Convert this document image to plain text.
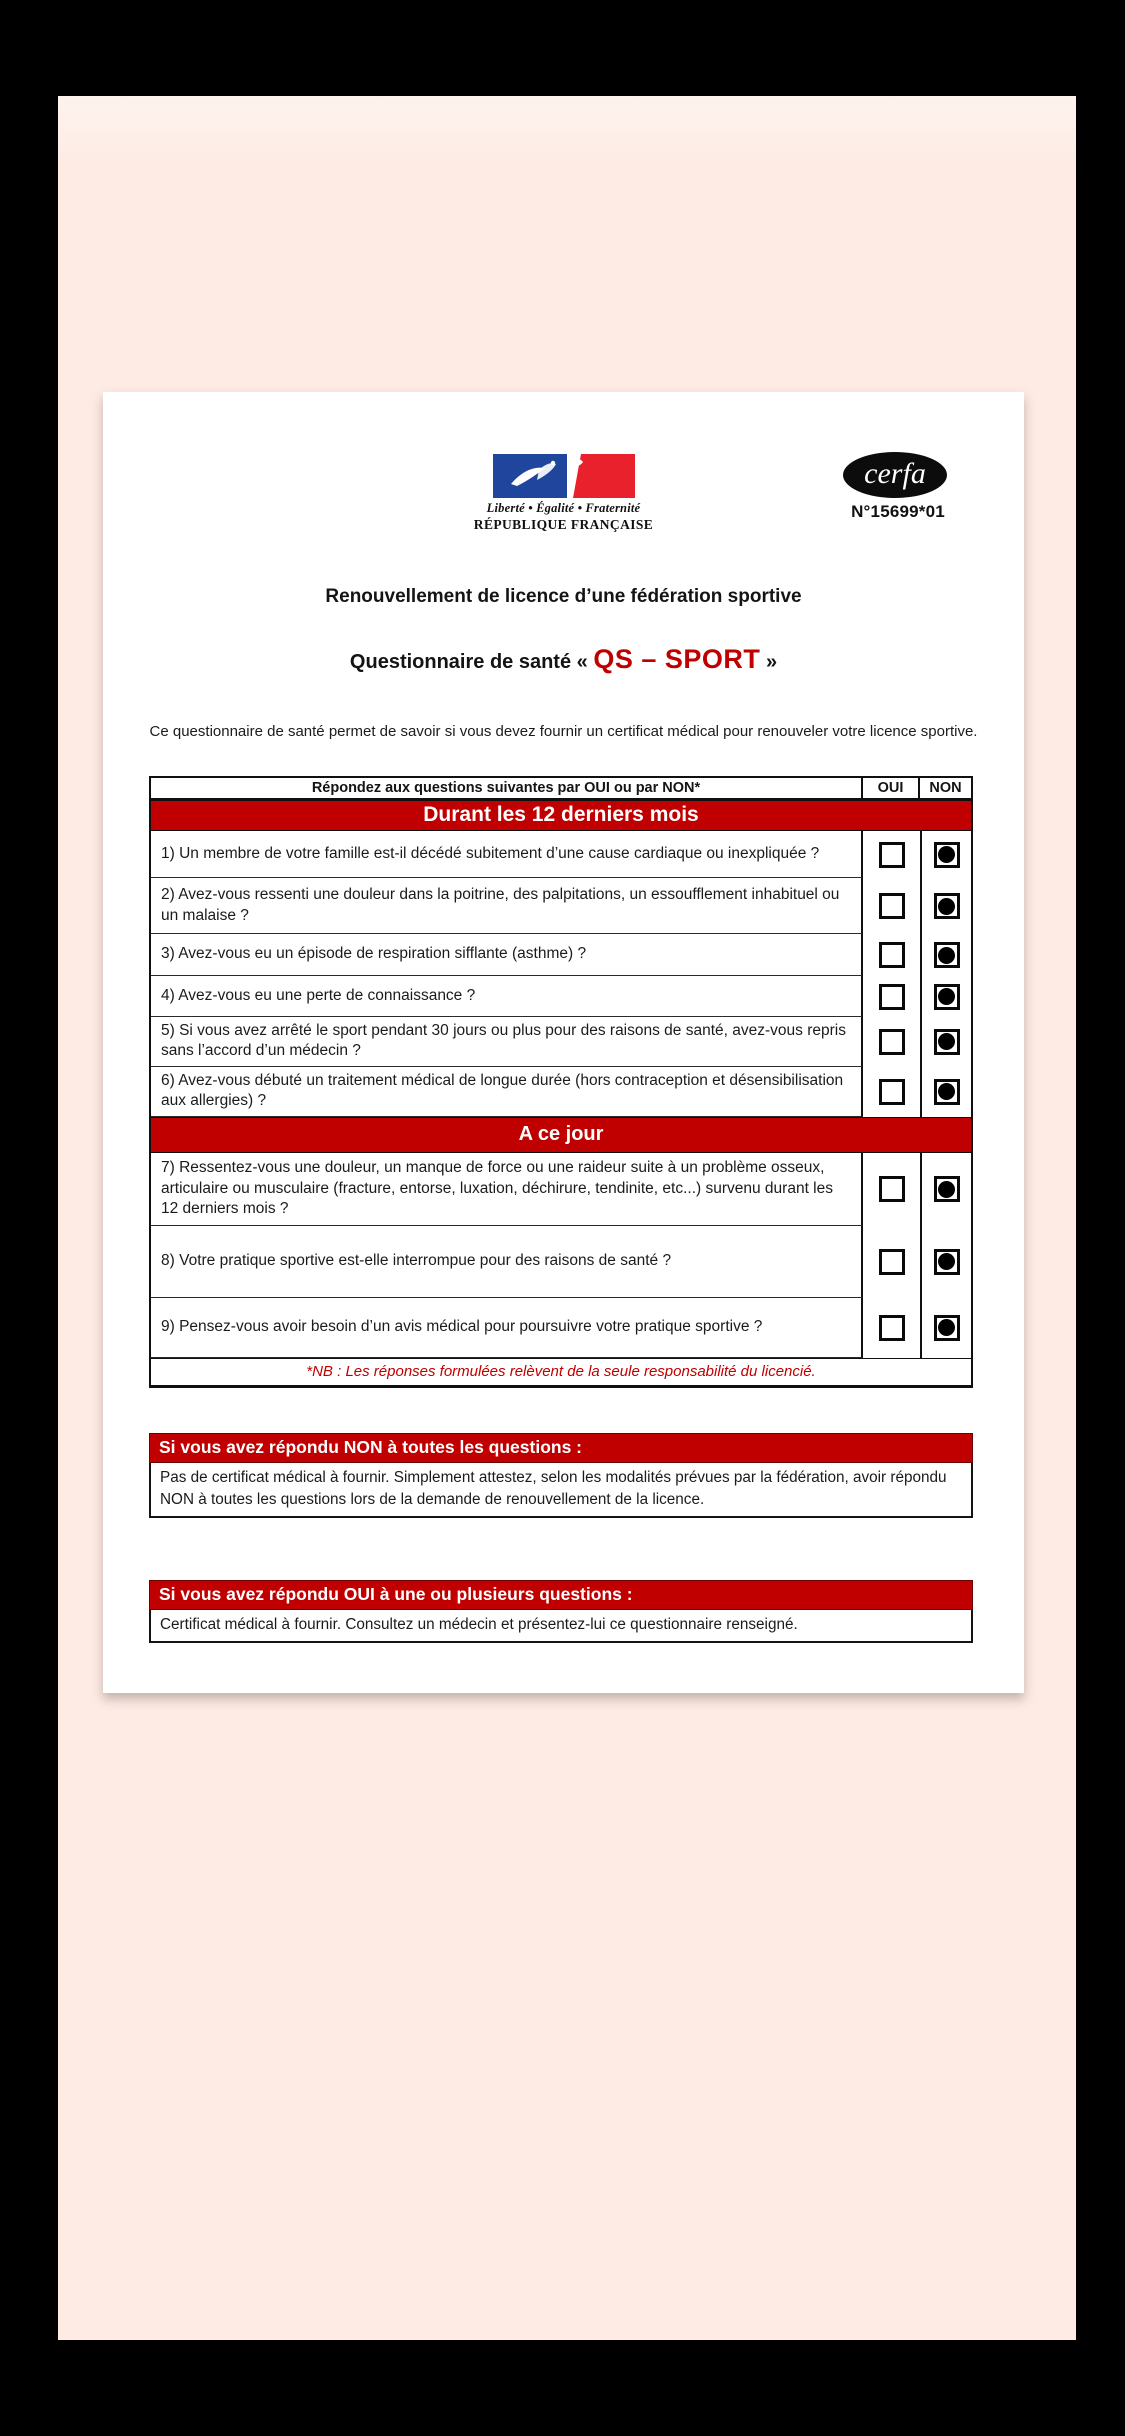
Liberté • Égalité • Fraternité
RÉPUBLIQUE FRANÇAISE
cerfa
N°15699*01
Renouvellement de licence d’une fédération sportive
Questionnaire de santé « QS – SPORT »

Ce questionnaire de santé permet de savoir si vous devez fournir un certificat médical pour renouveler votre licence sportive.

Répondez aux questions suivantes par OUI ou par NON*	OUI	NON
Durant les 12 derniers mois
1) Un membre de votre famille est-il décédé subitement d’une cause cardiaque ou inexpliquée ?
2) Avez-vous ressenti une douleur dans la poitrine, des palpitations, un essoufflement inhabituel ou un malaise ?
3) Avez-vous eu un épisode de respiration sifflante (asthme) ?
4) Avez-vous eu une perte de connaissance ?
5) Si vous avez arrêté le sport pendant 30 jours ou plus pour des raisons de santé, avez-vous repris sans l’accord d’un médecin ?
6) Avez-vous débuté un traitement médical de longue durée (hors contraception et désensibilisation aux allergies) ?
A ce jour
7) Ressentez-vous une douleur, un manque de force ou une raideur suite à un problème osseux, articulaire ou musculaire (fracture, entorse, luxation, déchirure, tendinite, etc...) survenu durant les 12 derniers mois ?
8) Votre pratique sportive est-elle interrompue pour des raisons de santé ?
9) Pensez-vous avoir besoin d’un avis médical pour poursuivre votre pratique sportive ?
*NB : Les réponses formulées relèvent de la seule responsabilité du licencié.
Si vous avez répondu NON à toutes les questions :
Pas de certificat médical à fournir. Simplement attestez, selon les modalités prévues par la fédération, avoir répondu NON à toutes les questions lors de la demande de renouvellement de la licence.
Si vous avez répondu OUI à une ou plusieurs questions :
Certificat médical à fournir. Consultez un médecin et présentez-lui ce questionnaire renseigné.
